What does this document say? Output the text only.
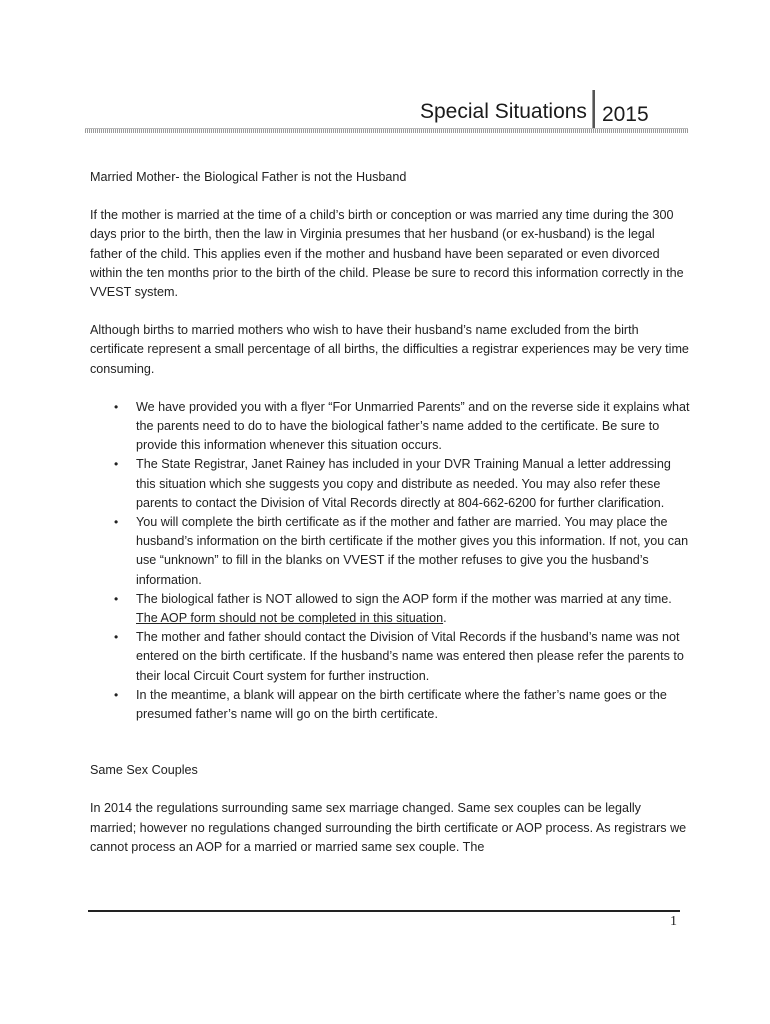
Special Situations 2015

Married Mother- the Biological Father is not the Husband

If the mother is married at the time of a child’s birth or conception or was married any time during the 300 days prior to the birth, then the law in Virginia presumes that her husband (or ex-husband) is the legal father of the child. This applies even if the mother and husband have been separated or even divorced within the ten months prior to the birth of the child. Please be sure to record this information correctly in the VVEST system.

Although births to married mothers who wish to have their husband’s name excluded from the birth certificate represent a small percentage of all births, the difficulties a registrar experiences may be very time consuming.

• We have provided you with a flyer “For Unmarried Parents” and on the reverse side it explains what the parents need to do to have the biological father’s name added to the certificate. Be sure to provide this information whenever this situation occurs.
• The State Registrar, Janet Rainey has included in your DVR Training Manual a letter addressing this situation which she suggests you copy and distribute as needed. You may also refer these parents to contact the Division of Vital Records directly at 804-662-6200 for further clarification.
• You will complete the birth certificate as if the mother and father are married. You may place the husband’s information on the birth certificate if the mother gives you this information. If not, you can use “unknown” to fill in the blanks on VVEST if the mother refuses to give you the husband’s information.
• The biological father is NOT allowed to sign the AOP form if the mother was married at any time. The AOP form should not be completed in this situation.
• The mother and father should contact the Division of Vital Records if the husband’s name was not entered on the birth certificate. If the husband’s name was entered then please refer the parents to their local Circuit Court system for further instruction.
• In the meantime, a blank will appear on the birth certificate where the father’s name goes or the presumed father’s name will go on the birth certificate.

Same Sex Couples

In 2014 the regulations surrounding same sex marriage changed. Same sex couples can be legally married; however no regulations changed surrounding the birth certificate or AOP process. As registrars we cannot process an AOP for a married or married same sex couple. The

1
